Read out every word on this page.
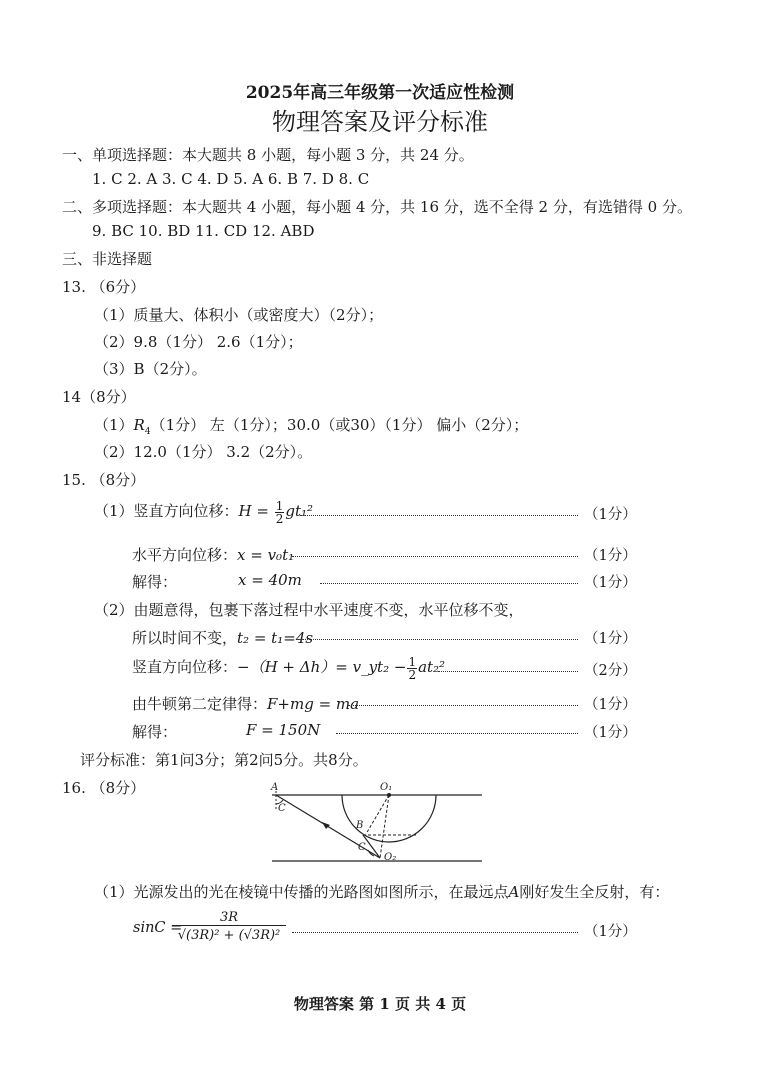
2025年高三年级第一次适应性检测
物理答案及评分标准
一、单项选择题：本大题共 8 小题，每小题 3 分，共 24 分。
1. C 2. A 3. C 4. D 5. A 6. B 7. D 8. C
二、多项选择题：本大题共 4 小题，每小题 4 分，共 16 分，选不全得 2 分，有选错得 0 分。
9. BC 10. BD 11. CD 12. ABD
三、非选择题
13. （6分）
（1）质量大、体积小（或密度大）（2分）；
（2）9.8（1分） 2.6（1分）；
（3）B（2分）。
14（8分）
$(1)R_4(1$分） 左（1分）；30.0（或30）（1分） 偏小（2分）；
（2）12.0（1分） 3.2（2分）。
15. （8分）
（1）竖直方向位移：$H = \frac{1}{2} gt_1^2$	（1分）
水平方向位移：x = v₀t₁	（1分）
解得：	x = 40m	（1分）
（2）由题意得，包裹下落过程中水平速度不变，水平位移不变，
所以时间不变，t₂ = t₁=4s	（1分）
竖直方向位移：−（H + Δh）= v_yt₂ − $\frac{1}{2} at_2^2$	（2分）
由牛顿第二定律得：F+mg = ma	（1分）
解得：	F = 150N	（1分）
评分标准：第1问3分；第2问5分。共8分。
16. （8分）	A
C
O₁
B
C
O₂
（1）光源发出的光在棱镜中传播的光路图如图所示，在最远点A刚好发生全反射，有：
sinC =
$\frac{3R}{\text{√(3R)² + (√3R)²}}$	（1分）
物理答案 第 1 页 共 4 页
